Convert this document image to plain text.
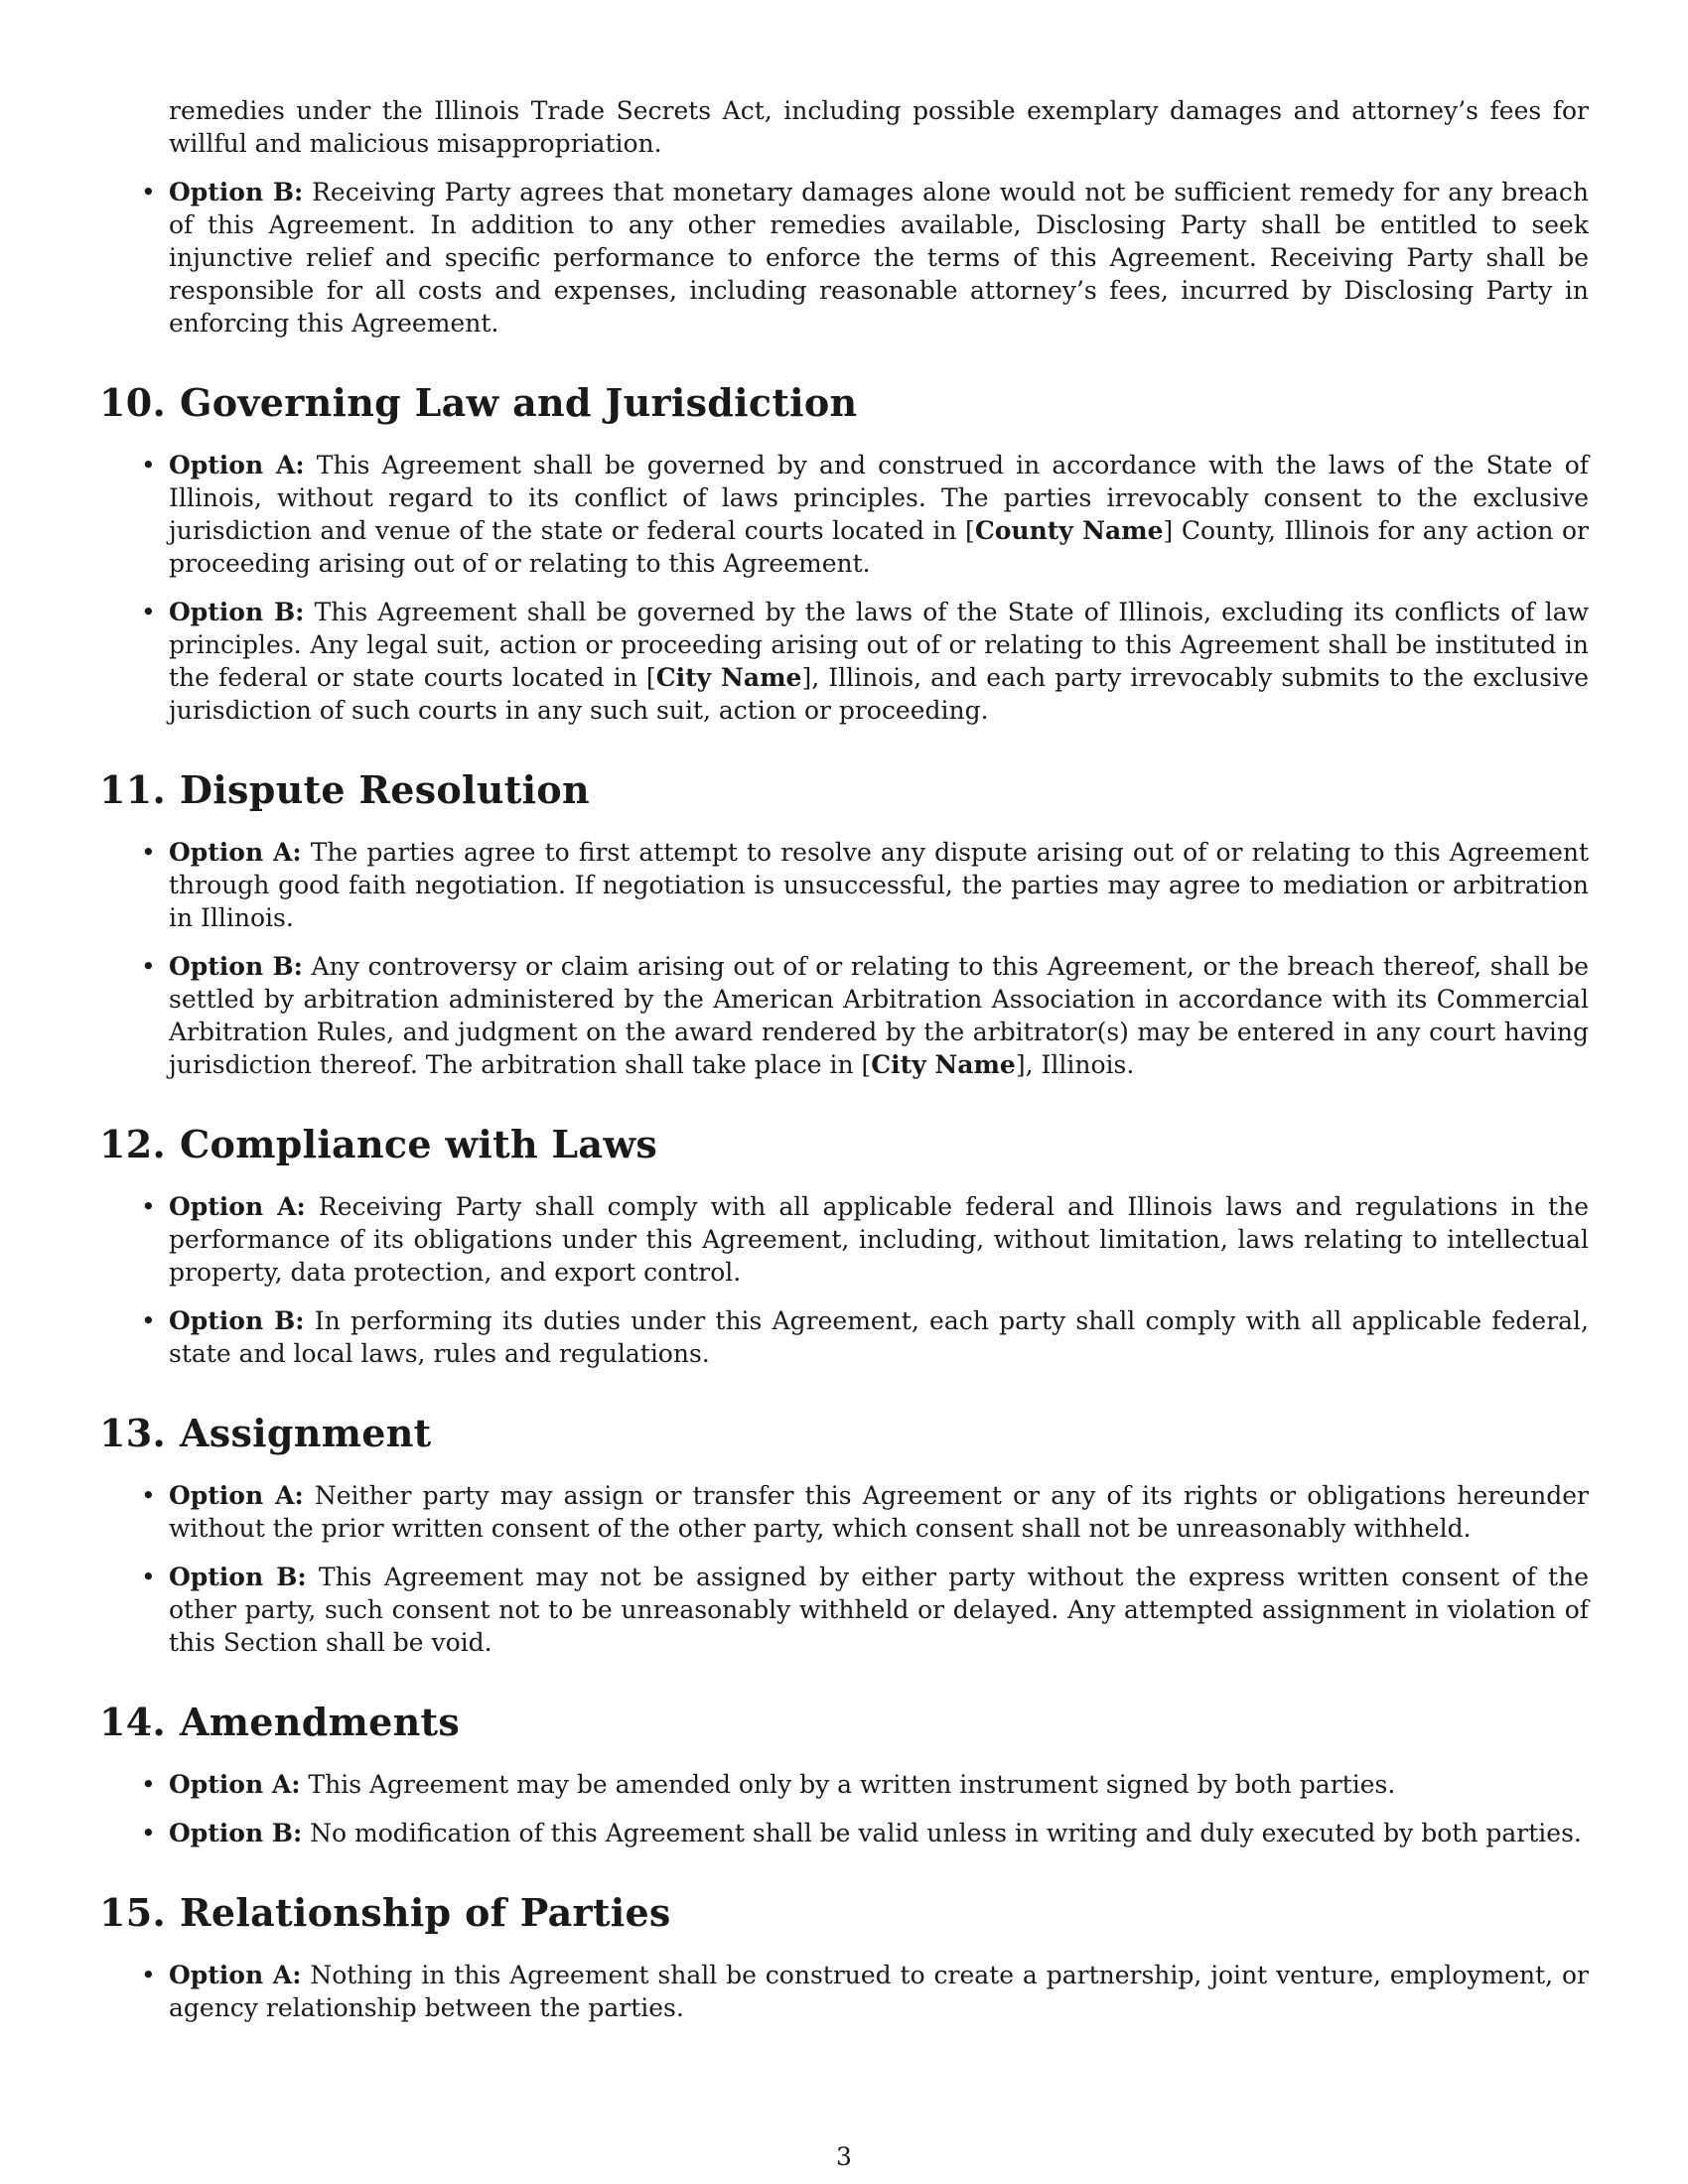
remedies under the Illinois Trade Secrets Act, including possible exemplary damages and attorney’s fees for willful and malicious misappropriation.
• Option B: Receiving Party agrees that monetary damages alone would not be sufficient remedy for any breach of this Agreement. In addition to any other remedies available, Disclosing Party shall be entitled to seek injunctive relief and specific performance to enforce the terms of this Agreement. Receiving Party shall be responsible for all costs and expenses, including reasonable attorney’s fees, incurred by Disclosing Party in enforcing this Agreement.
10. Governing Law and Jurisdiction
• Option A: This Agreement shall be governed by and construed in accordance with the laws of the State of Illinois, without regard to its conflict of laws principles. The parties irrevocably consent to the exclusive jurisdiction and venue of the state or federal courts located in [County Name] County, Illinois for any action or proceeding arising out of or relating to this Agreement.
• Option B: This Agreement shall be governed by the laws of the State of Illinois, excluding its conflicts of law principles. Any legal suit, action or proceeding arising out of or relating to this Agreement shall be instituted in the federal or state courts located in [City Name], Illinois, and each party irrevocably submits to the exclusive jurisdiction of such courts in any such suit, action or proceeding.
11. Dispute Resolution
• Option A: The parties agree to first attempt to resolve any dispute arising out of or relating to this Agreement through good faith negotiation. If negotiation is unsuccessful, the parties may agree to mediation or arbitration in Illinois.
• Option B: Any controversy or claim arising out of or relating to this Agreement, or the breach thereof, shall be settled by arbitration administered by the American Arbitration Association in accordance with its Commercial Arbitration Rules, and judgment on the award rendered by the arbitrator(s) may be entered in any court having jurisdiction thereof. The arbitration shall take place in [City Name], Illinois.
12. Compliance with Laws
• Option A: Receiving Party shall comply with all applicable federal and Illinois laws and regulations in the performance of its obligations under this Agreement, including, without limitation, laws relating to intellectual property, data protection, and export control.
• Option B: In performing its duties under this Agreement, each party shall comply with all applicable federal, state and local laws, rules and regulations.
13. Assignment
• Option A: Neither party may assign or transfer this Agreement or any of its rights or obligations hereunder without the prior written consent of the other party, which consent shall not be unreasonably withheld.
• Option B: This Agreement may not be assigned by either party without the express written consent of the other party, such consent not to be unreasonably withheld or delayed. Any attempted assignment in violation of this Section shall be void.
14. Amendments
• Option A: This Agreement may be amended only by a written instrument signed by both parties.
• Option B: No modification of this Agreement shall be valid unless in writing and duly executed by both parties.
15. Relationship of Parties
• Option A: Nothing in this Agreement shall be construed to create a partnership, joint venture, employment, or agency relationship between the parties.
3
